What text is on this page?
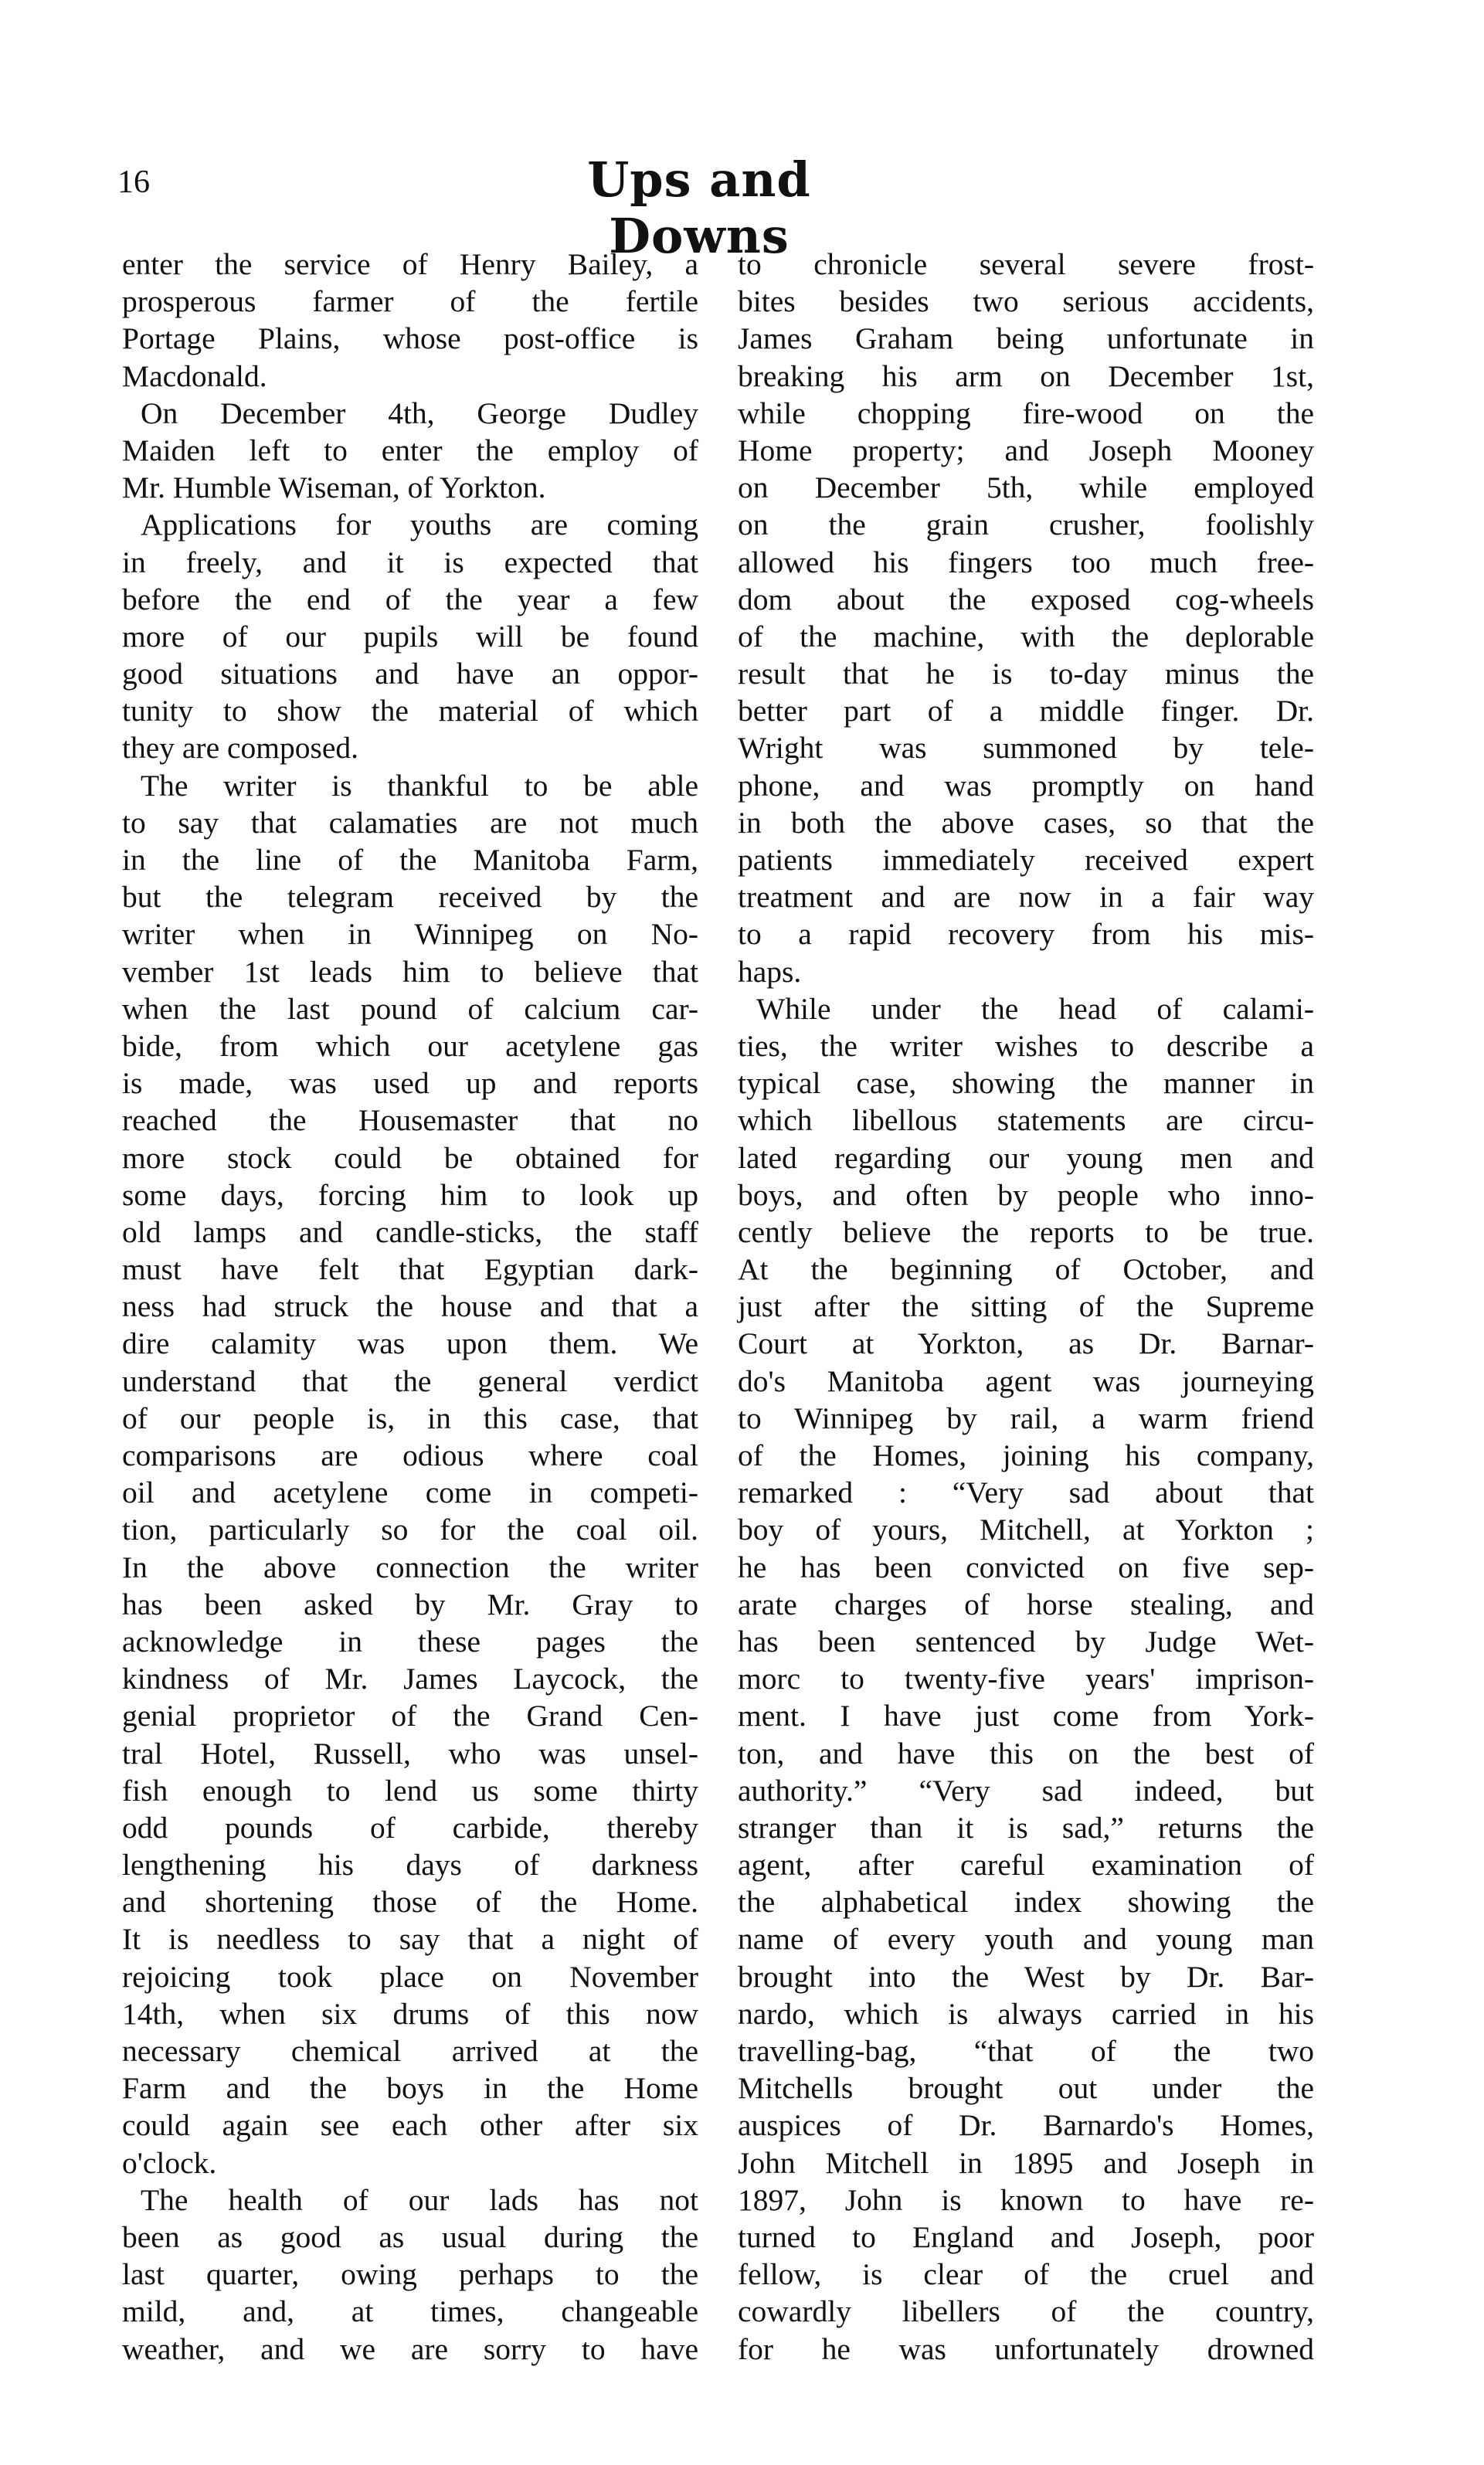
16	Ups and Downs
enter the service of Henry Bailey, a
prosperous farmer of the fertile
Portage Plains, whose post-office is
Macdonald.
On December 4th, George Dudley
Maiden left to enter the employ of
Mr. Humble Wiseman, of Yorkton.
Applications for youths are coming
in freely, and it is expected that
before the end of the year a few
more of our pupils will be found
good situations and have an oppor-
tunity to show the material of which
they are composed.
The writer is thankful to be able
to say that calamaties are not much
in the line of the Manitoba Farm,
but the telegram received by the
writer when in Winnipeg on No-
vember 1st leads him to believe that
when the last pound of calcium car-
bide, from which our acetylene gas
is made, was used up and reports
reached the Housemaster that no
more stock could be obtained for
some days, forcing him to look up
old lamps and candle-sticks, the staff
must have felt that Egyptian dark-
ness had struck the house and that a
dire calamity was upon them. We
understand that the general verdict
of our people is, in this case, that
comparisons are odious where coal
oil and acetylene come in competi-
tion, particularly so for the coal oil.
In the above connection the writer
has been asked by Mr. Gray to
acknowledge in these pages the
kindness of Mr. James Laycock, the
genial proprietor of the Grand Cen-
tral Hotel, Russell, who was unsel-
fish enough to lend us some thirty
odd pounds of carbide, thereby
lengthening his days of darkness
and shortening those of the Home.
It is needless to say that a night of
rejoicing took place on November
14th, when six drums of this now
necessary chemical arrived at the
Farm and the boys in the Home
could again see each other after six
o'clock.
The health of our lads has not
been as good as usual during the
last quarter, owing perhaps to the
mild, and, at times, changeable
weather, and we are sorry to have
to chronicle several severe frost-
bites besides two serious accidents,
James Graham being unfortunate in
breaking his arm on December 1st,
while chopping fire-wood on the
Home property; and Joseph Mooney
on December 5th, while employed
on the grain crusher, foolishly
allowed his fingers too much free-
dom about the exposed cog-wheels
of the machine, with the deplorable
result that he is to-day minus the
better part of a middle finger. Dr.
Wright was summoned by tele-
phone, and was promptly on hand
in both the above cases, so that the
patients immediately received expert
treatment and are now in a fair way
to a rapid recovery from his mis-
haps.
While under the head of calami-
ties, the writer wishes to describe a
typical case, showing the manner in
which libellous statements are circu-
lated regarding our young men and
boys, and often by people who inno-
cently believe the reports to be true.
At the beginning of October, and
just after the sitting of the Supreme
Court at Yorkton, as Dr. Barnar-
do's Manitoba agent was journeying
to Winnipeg by rail, a warm friend
of the Homes, joining his company,
remarked : “Very sad about that
boy of yours, Mitchell, at Yorkton ;
he has been convicted on five sep-
arate charges of horse stealing, and
has been sentenced by Judge Wet-
morc to twenty-five years' imprison-
ment. I have just come from York-
ton, and have this on the best of
authority.” “Very sad indeed, but
stranger than it is sad,” returns the
agent, after careful examination of
the alphabetical index showing the
name of every youth and young man
brought into the West by Dr. Bar-
nardo, which is always carried in his
travelling-bag, “that of the two
Mitchells brought out under the
auspices of Dr. Barnardo's Homes,
John Mitchell in 1895 and Joseph in
1897, John is known to have re-
turned to England and Joseph, poor
fellow, is clear of the cruel and
cowardly libellers of the country,
for he was unfortunately drowned
